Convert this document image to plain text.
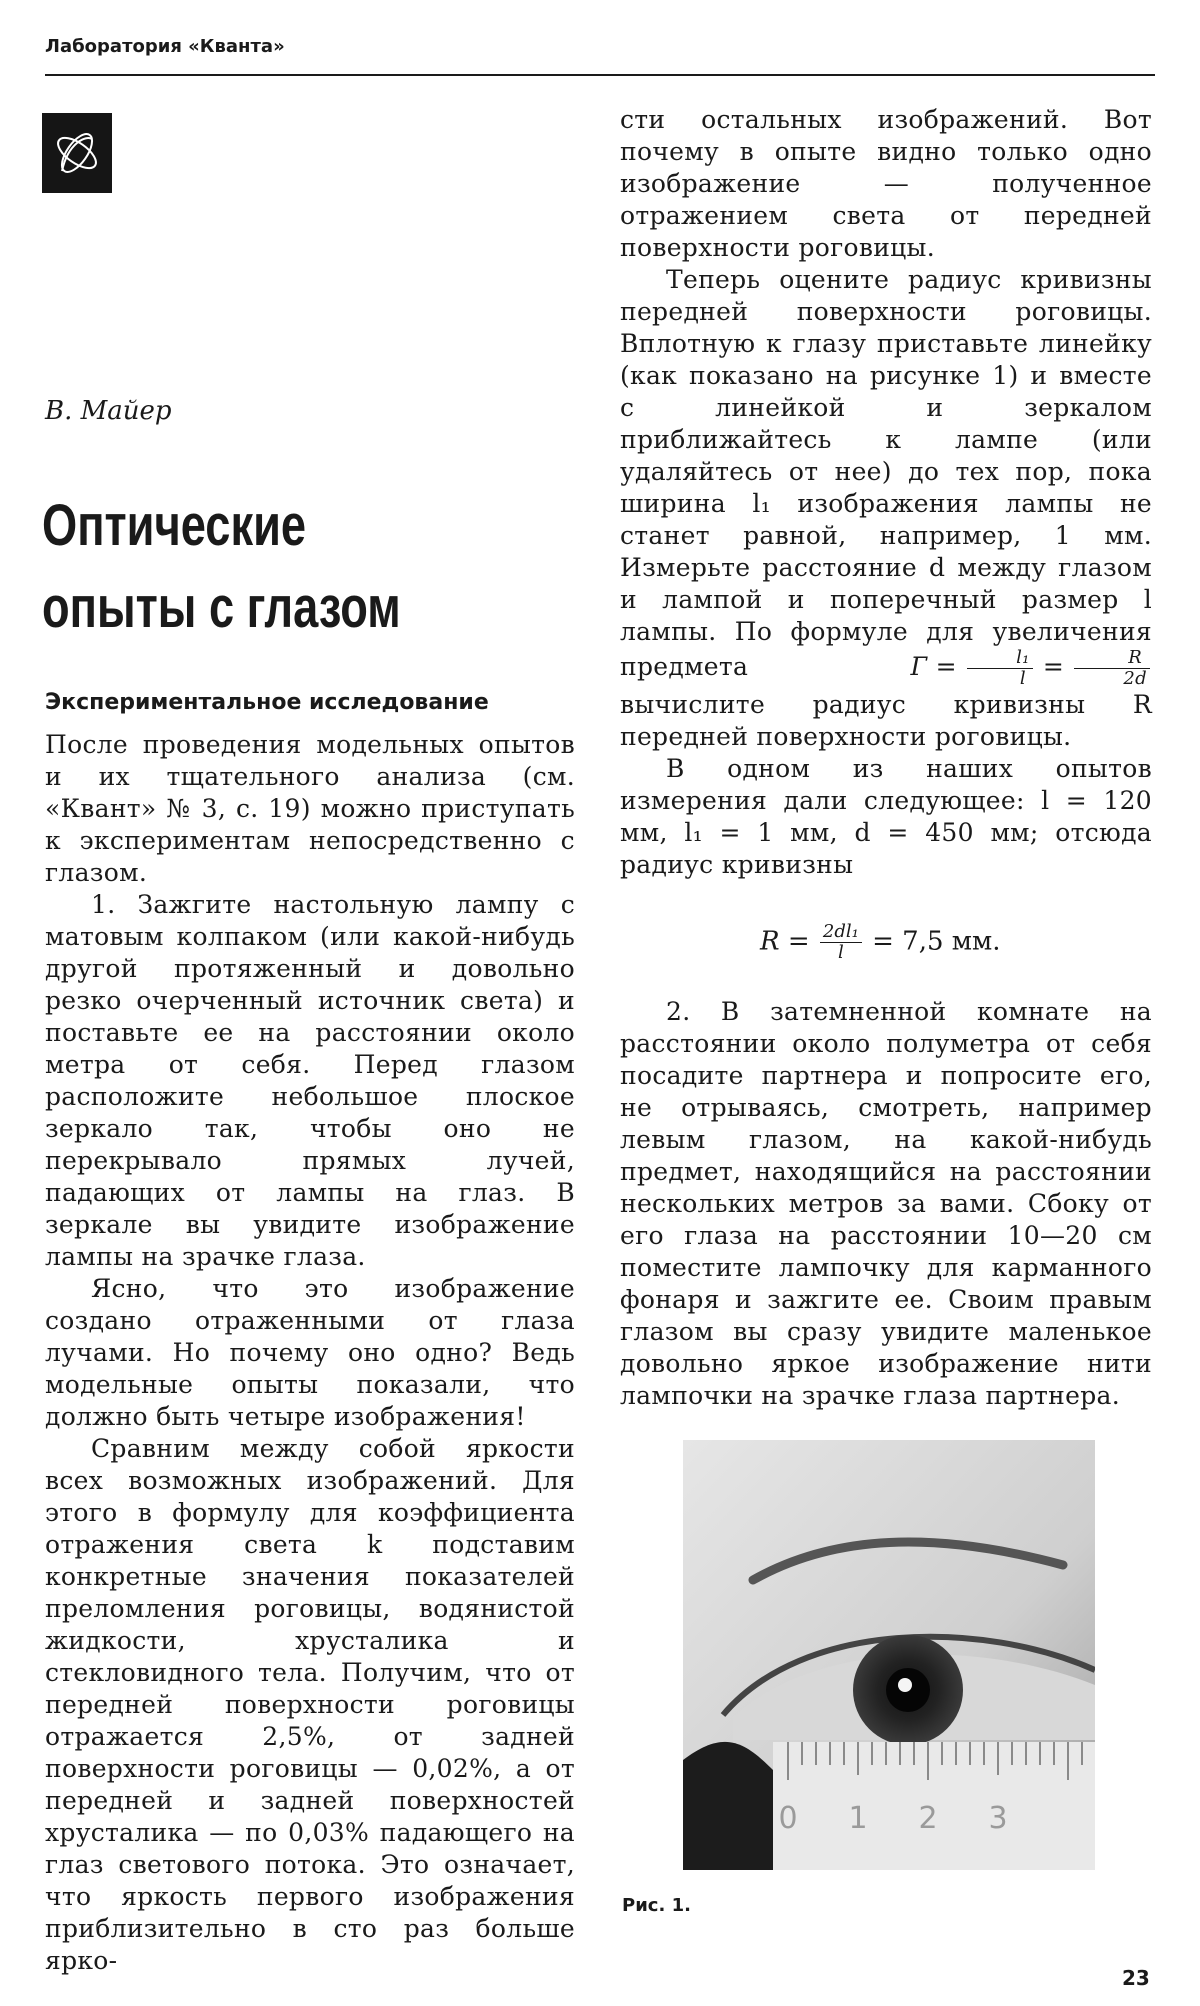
Лаборатория «Кванта»
В. Майер
Оптические
опыты с глазом
Экспериментальное исследование

После проведения модельных опытов и их тщательного анализа (см. «Квант» № 3, с. 19) можно приступать к экспериментам непосредственно с глазом.

1. Зажгите настольную лампу с матовым колпаком (или какой-нибудь другой протяженный и довольно резко очерченный источник света) и поставьте ее на расстоянии около метра от себя. Перед глазом расположите небольшое плоское зеркало так, чтобы оно не перекрывало прямых лучей, падающих от лампы на глаз. В зеркале вы увидите изображение лампы на зрачке глаза.

Ясно, что это изображение создано отраженными от глаза лучами. Но почему оно одно? Ведь модельные опыты показали, что должно быть четыре изображения!

Сравним между собой яркости всех возможных изображений. Для этого в формулу для коэффициента отражения света k подставим конкретные значения показателей преломления роговицы, водянистой жидкости, хрусталика и стекловидного тела. Получим, что от передней поверхности роговицы отражается 2,5%, от задней поверхности роговицы — 0,02%, а от передней и задней поверхностей хрусталика — по 0,03% падающего на глаз светового потока. Это означает, что яркость первого изображения приблизительно в сто раз больше ярко-

сти остальных изображений. Вот почему в опыте видно только одно изображение — полученное отражением света от передней поверхности роговицы.

Теперь оцените радиус кривизны передней поверхности роговицы. Вплотную к глазу приставьте линейку (как показано на рисунке 1) и вместе с линейкой и зеркалом приближайтесь к лампе (или удаляйтесь от нее) до тех пор, пока ширина l₁ изображения лампы не станет равной, например, 1 мм. Измерьте расстояние d между глазом и лампой и поперечный размер l лампы. По формуле для увеличения предмета	$Г = \frac{\text{l₁}}{l} = \frac{R}{2d}$
вычислите радиус кривизны R передней поверхности роговицы.

В одном из наших опытов измерения дали следующее: l = 120 мм, l₁ = 1 мм, d = 450 мм; отсюда радиус кривизны

$R = \frac{\text{2dl₁}}{l} = 7,5$ мм.

2. В затемненной комнате на расстоянии около полуметра от себя посадите партнера и попросите его, не отрываясь, смотреть, например левым глазом, на какой-нибудь предмет, находящийся на расстоянии нескольких метров за вами. Сбоку от его глаза на расстоянии 10—20 см поместите лампочку для карманного фонаря и зажгите ее. Своим правым глазом вы сразу увидите маленькое довольно яркое изображение нити лампочки на зрачке глаза партнера.

0 1 2 3
Рис. 1.
23
